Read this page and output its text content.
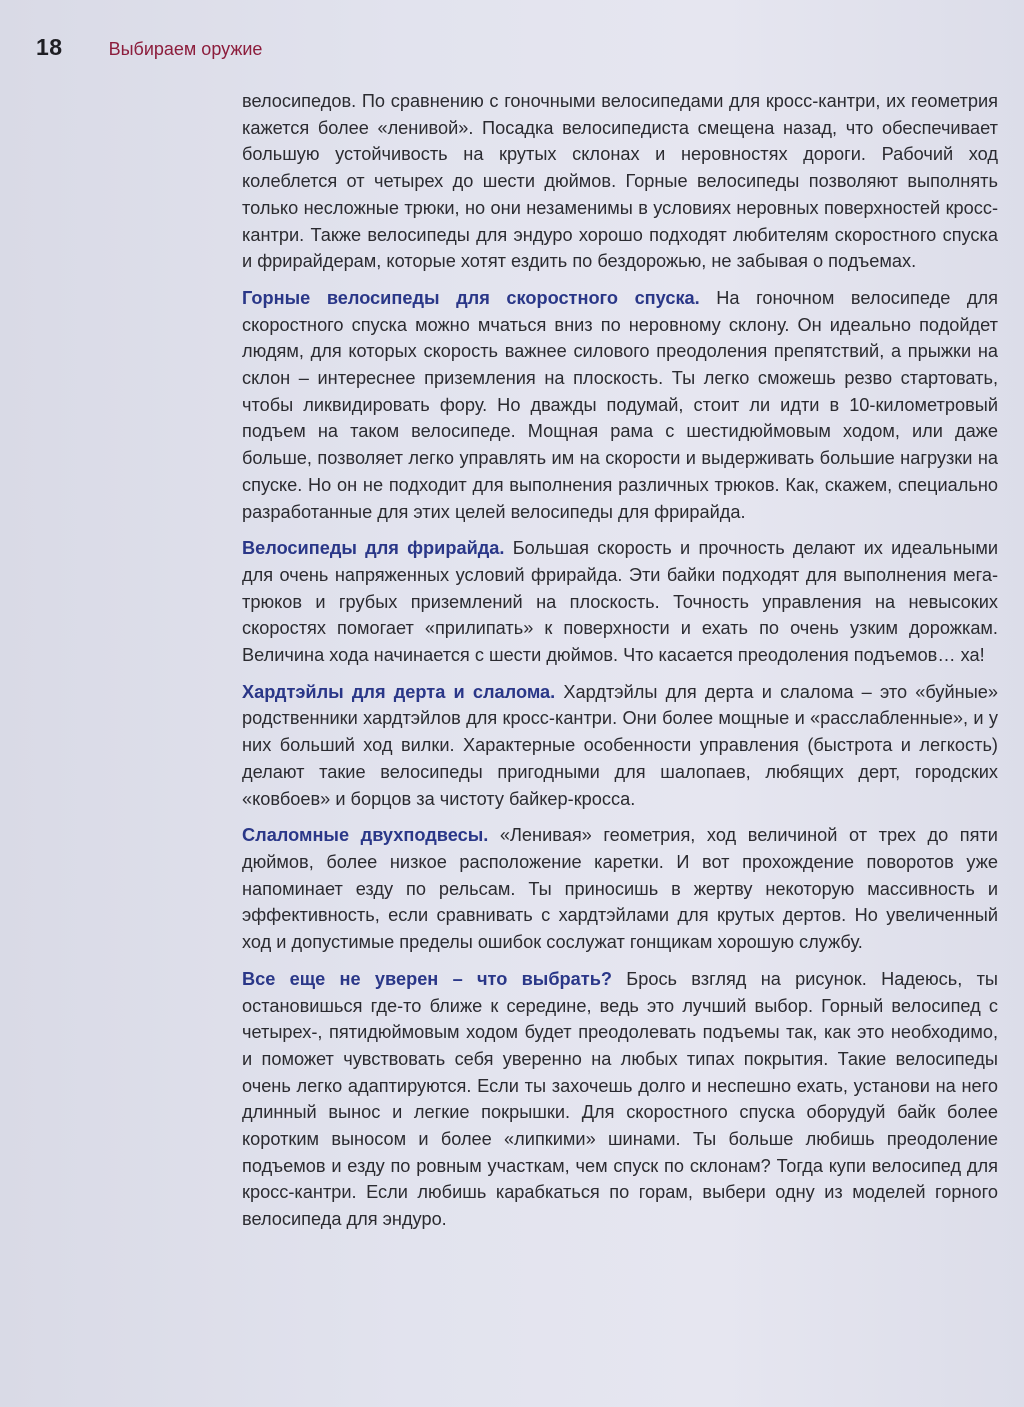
18	Выбираем оружие

велосипедов. По сравнению с гоночными велосипедами для кросс-кантри, их геометрия кажется более «ленивой». Посадка велосипедиста смещена назад, что обеспечивает большую устойчивость на крутых склонах и неровностях дороги. Рабочий ход колеблется от четырех до шести дюймов. Горные велосипеды позволяют выполнять только несложные трюки, но они незаменимы в условиях неровных поверхностей кросс-кантри. Также велосипеды для эндуро хорошо подходят любителям скоростного спуска и фрирайдерам, которые хотят ездить по бездорожью, не забывая о подъемах.

Горные велосипеды для скоростного спуска. На гоночном велосипеде для скоростного спуска можно мчаться вниз по неровному склону. Он идеально подойдет людям, для которых скорость важнее силового преодоления препятствий, а прыжки на склон – интереснее приземления на плоскость. Ты легко сможешь резво стартовать, чтобы ликвидировать фору. Но дважды подумай, стоит ли идти в 10-километровый подъем на таком велосипеде. Мощная рама с шестидюймовым ходом, или даже больше, позволяет легко управлять им на скорости и выдерживать большие нагрузки на спуске. Но он не подходит для выполнения различных трюков. Как, скажем, специально разработанные для этих целей велосипеды для фрирайда.

Велосипеды для фрирайда. Большая скорость и прочность делают их идеальными для очень напряженных условий фрирайда. Эти байки подходят для выполнения мега-трюков и грубых приземлений на плоскость. Точность управления на невысоких скоростях помогает «прилипать» к поверхности и ехать по очень узким дорожкам. Величина хода начинается с шести дюймов. Что касается преодоления подъемов… ха!

Хардтэйлы для дерта и слалома. Хардтэйлы для дерта и слалома – это «буйные» родственники хардтэйлов для кросс-кантри. Они более мощные и «расслабленные», и у них больший ход вилки. Характерные особенности управления (быстрота и легкость) делают такие велосипеды пригодными для шалопаев, любящих дерт, городских «ковбоев» и борцов за чистоту байкер-кросса.

Слаломные двухподвесы. «Ленивая» геометрия, ход величиной от трех до пяти дюймов, более низкое расположение каретки. И вот прохождение поворотов уже напоминает езду по рельсам. Ты приносишь в жертву некоторую массивность и эффективность, если сравнивать с хардтэйлами для крутых дертов. Но увеличенный ход и допустимые пределы ошибок сослужат гонщикам хорошую службу.

Все еще не уверен – что выбрать? Брось взгляд на рисунок. Надеюсь, ты остановишься где-то ближе к середине, ведь это лучший выбор. Горный велосипед с четырех-, пятидюймовым ходом будет преодолевать подъемы так, как это необходимо, и поможет чувствовать себя уверенно на любых типах покрытия. Такие велосипеды очень легко адаптируются. Если ты захочешь долго и неспешно ехать, установи на него длинный вынос и легкие покрышки. Для скоростного спуска оборудуй байк более коротким выносом и более «липкими» шинами. Ты больше любишь преодоление подъемов и езду по ровным участкам, чем спуск по склонам? Тогда купи велосипед для кросс-кантри. Если любишь карабкаться по горам, выбери одну из моделей горного велосипеда для эндуро.
